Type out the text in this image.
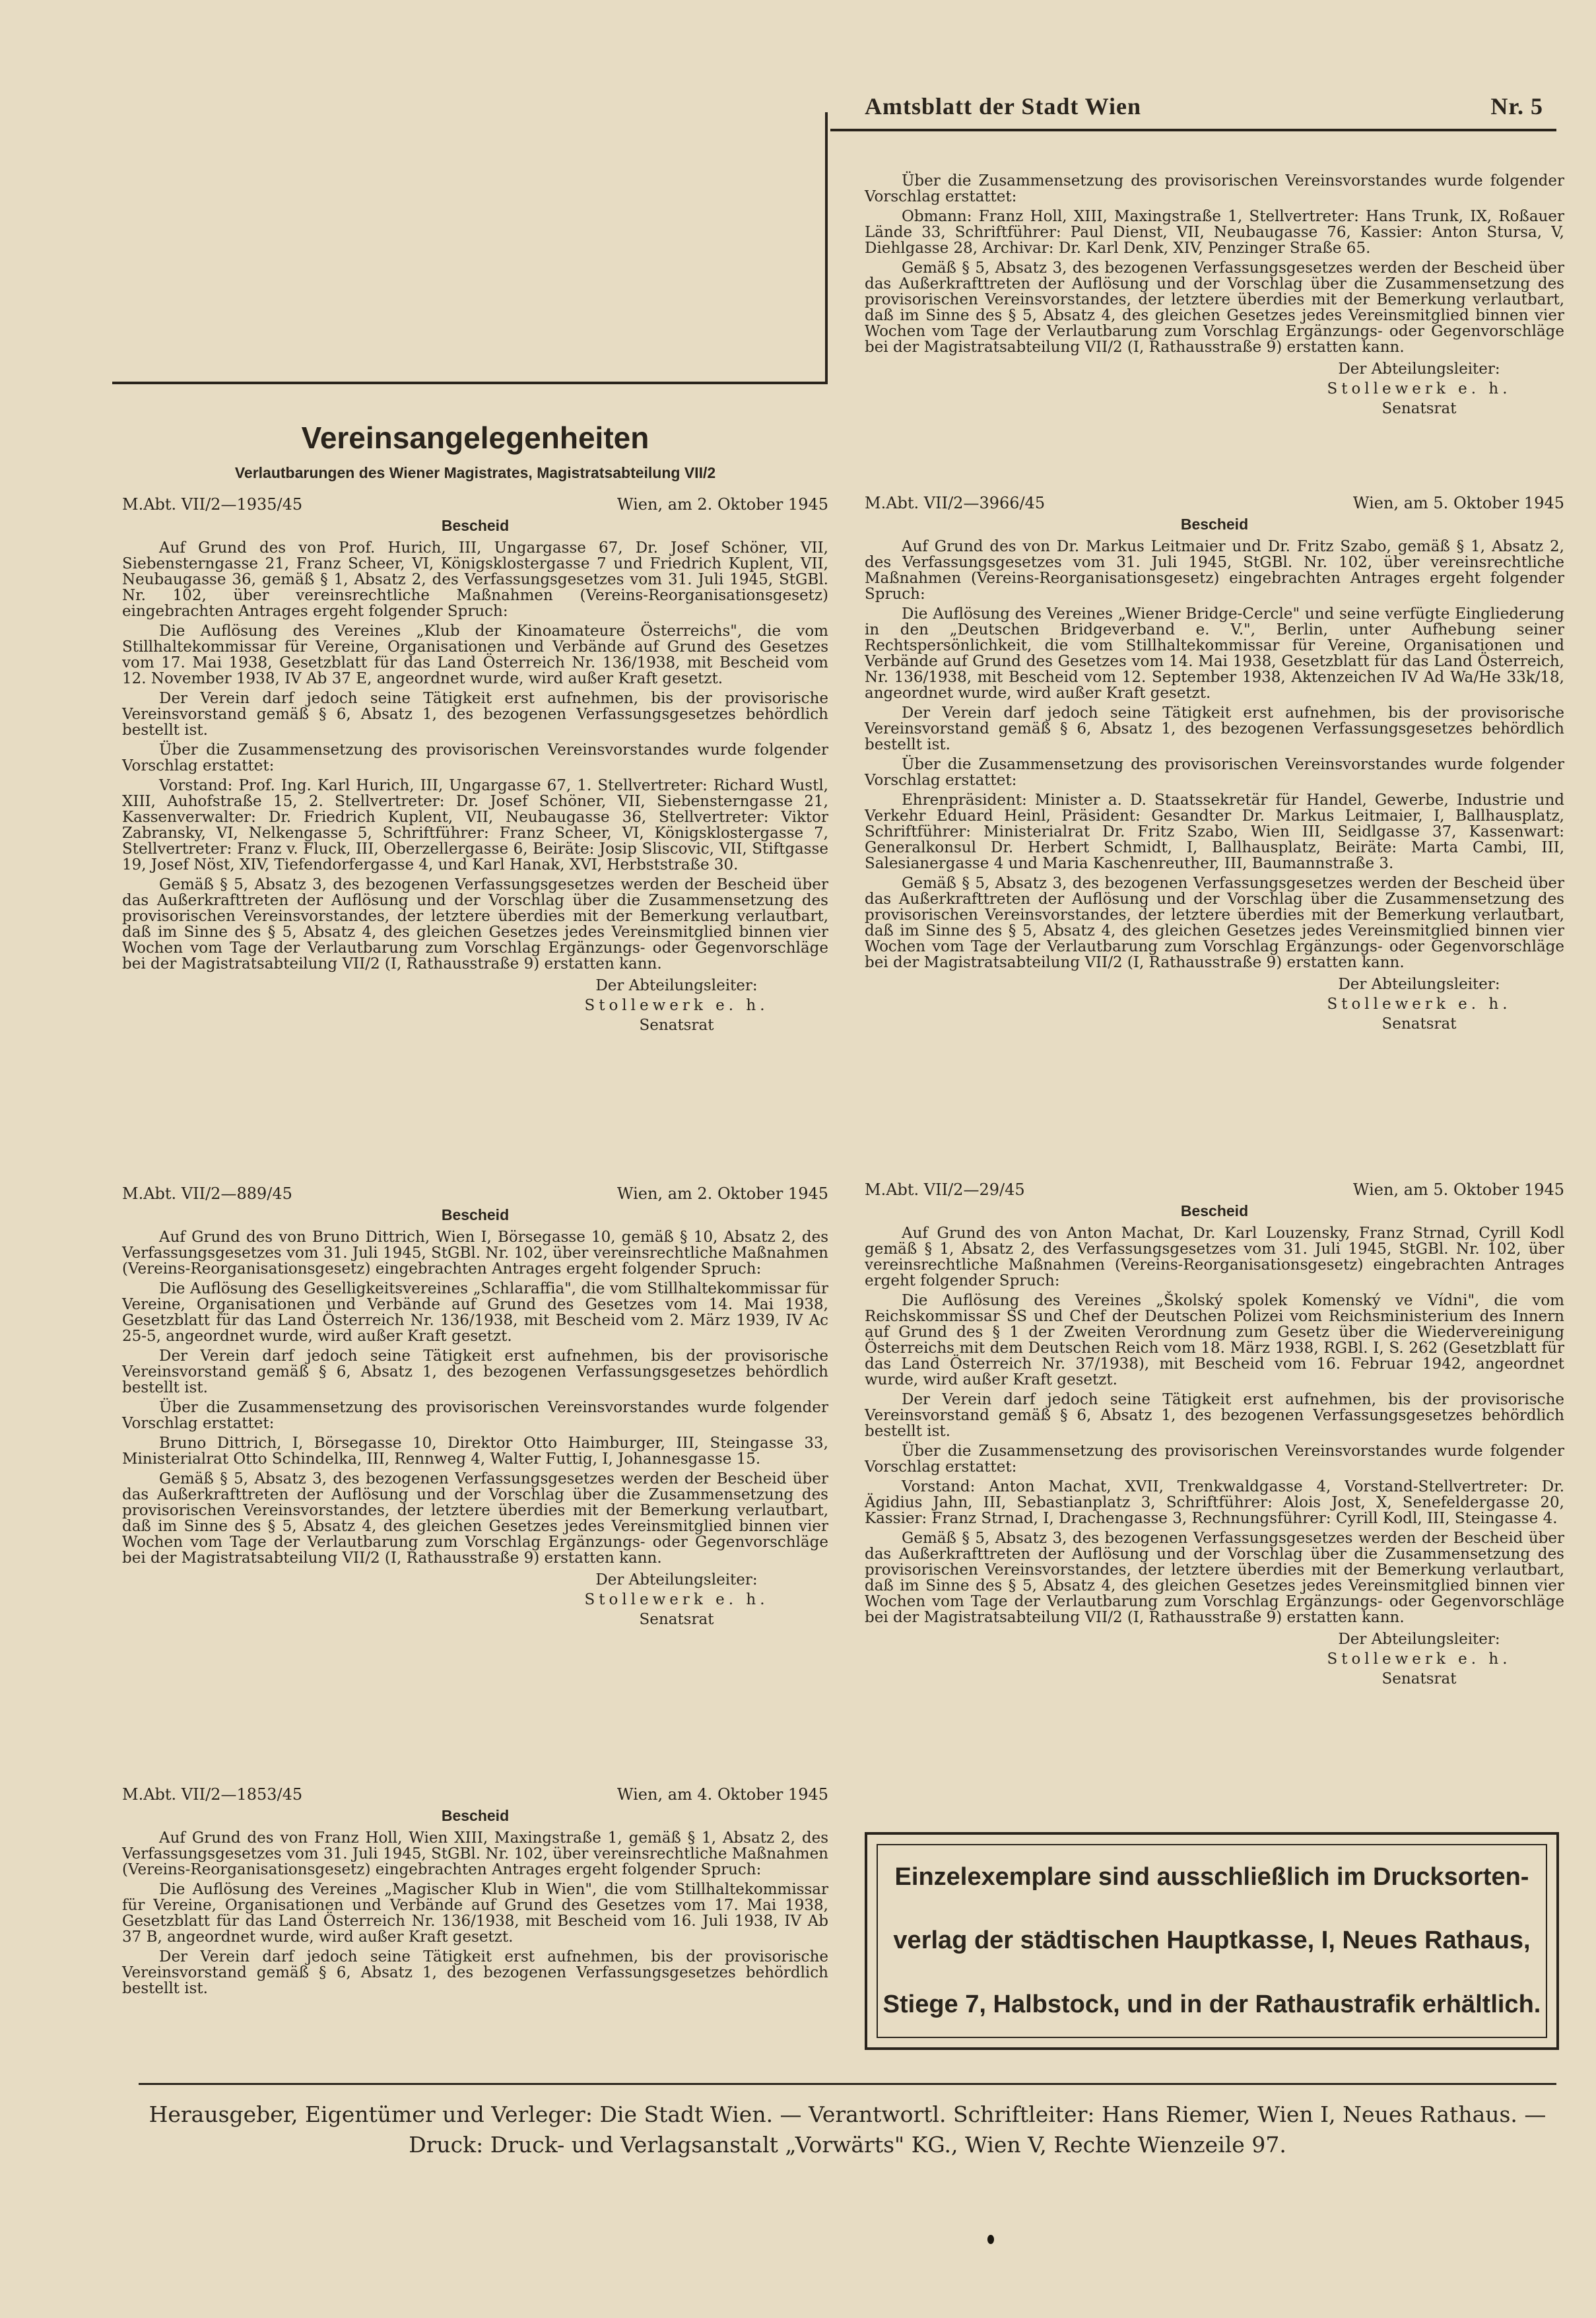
Amtsblatt der Stadt Wien	Nr. 5

Über die Zusammensetzung des provisorischen Vereinsvorstandes wurde folgender Vorschlag erstattet:

Obmann: Franz Holl, XIII, Maxingstraße 1, Stellvertreter: Hans Trunk, IX, Roßauer Lände 33, Schriftführer: Paul Dienst, VII, Neubaugasse 76, Kassier: Anton Stursa, V, Diehlgasse 28, Archivar: Dr. Karl Denk, XIV, Penzinger Straße 65.

Gemäß § 5, Absatz 3, des bezogenen Verfassungsgesetzes werden der Bescheid über das Außerkrafttreten der Auflösung und der Vorschlag über die Zusammensetzung des provisorischen Vereinsvorstandes, der letztere überdies mit der Bemerkung verlautbart, daß im Sinne des § 5, Absatz 4, des gleichen Gesetzes jedes Vereinsmitglied binnen vier Wochen vom Tage der Verlautbarung zum Vorschlag Ergänzungs- oder Gegenvorschläge bei der Magistratsabteilung VII/2 (I, Rathausstraße 9) erstatten kann.

Der Abteilungsleiter:
Stollewerk e. h.
Senatsrat
Vereinsangelegenheiten
Verlautbarungen des Wiener Magistrates, Magistratsabteilung VII/2
M.Abt. VII/2—1935/45	Wien, am 2. Oktober 1945
Bescheid

Auf Grund des von Prof. Hurich, III, Ungargasse 67, Dr. Josef Schöner, VII, Siebensterngasse 21, Franz Scheer, VI, Königsklostergasse 7 und Friedrich Kuplent, VII, Neubaugasse 36, gemäß § 1, Absatz 2, des Verfassungsgesetzes vom 31. Juli 1945, StGBl. Nr. 102, über vereinsrechtliche Maßnahmen (Vereins-Reorganisationsgesetz) eingebrachten Antrages ergeht folgender Spruch:

Die Auflösung des Vereines „Klub der Kinoamateure Österreichs", die vom Stillhaltekommissar für Vereine, Organisationen und Verbände auf Grund des Gesetzes vom 17. Mai 1938, Gesetzblatt für das Land Österreich Nr. 136/1938, mit Bescheid vom 12. November 1938, IV Ab 37 E, angeordnet wurde, wird außer Kraft gesetzt.

Der Verein darf jedoch seine Tätigkeit erst aufnehmen, bis der provisorische Vereinsvorstand gemäß § 6, Absatz 1, des bezogenen Verfassungsgesetzes behördlich bestellt ist.

Über die Zusammensetzung des provisorischen Vereinsvorstandes wurde folgender Vorschlag erstattet:

Vorstand: Prof. Ing. Karl Hurich, III, Ungargasse 67, 1. Stellvertreter: Richard Wustl, XIII, Auhofstraße 15, 2. Stellvertreter: Dr. Josef Schöner, VII, Siebensterngasse 21, Kassenverwalter: Dr. Friedrich Kuplent, VII, Neubaugasse 36, Stellvertreter: Viktor Zabransky, VI, Nelkengasse 5, Schriftführer: Franz Scheer, VI, Königsklostergasse 7, Stellvertreter: Franz v. Fluck, III, Oberzellergasse 6, Beiräte: Josip Sliscovic, VII, Stiftgasse 19, Josef Nöst, XIV, Tiefendorfergasse 4, und Karl Hanak, XVI, Herbststraße 30.

Gemäß § 5, Absatz 3, des bezogenen Verfassungsgesetzes werden der Bescheid über das Außerkrafttreten der Auflösung und der Vorschlag über die Zusammensetzung des provisorischen Vereinsvorstandes, der letztere überdies mit der Bemerkung verlautbart, daß im Sinne des § 5, Absatz 4, des gleichen Gesetzes jedes Vereinsmitglied binnen vier Wochen vom Tage der Verlautbarung zum Vorschlag Ergänzungs- oder Gegenvorschläge bei der Magistratsabteilung VII/2 (I, Rathausstraße 9) erstatten kann.

Der Abteilungsleiter:
Stollewerk e. h.
Senatsrat
M.Abt. VII/2—889/45	Wien, am 2. Oktober 1945
Bescheid

Auf Grund des von Bruno Dittrich, Wien I, Börsegasse 10, gemäß § 10, Absatz 2, des Verfassungsgesetzes vom 31. Juli 1945, StGBl. Nr. 102, über vereinsrechtliche Maßnahmen (Vereins-Reorganisationsgesetz) eingebrachten Antrages ergeht folgender Spruch:

Die Auflösung des Geselligkeitsvereines „Schlaraffia", die vom Stillhaltekommissar für Vereine, Organisationen und Verbände auf Grund des Gesetzes vom 14. Mai 1938, Gesetzblatt für das Land Österreich Nr. 136/1938, mit Bescheid vom 2. März 1939, IV Ac 25-5, angeordnet wurde, wird außer Kraft gesetzt.

Der Verein darf jedoch seine Tätigkeit erst aufnehmen, bis der provisorische Vereinsvorstand gemäß § 6, Absatz 1, des bezogenen Verfassungsgesetzes behördlich bestellt ist.

Über die Zusammensetzung des provisorischen Vereinsvorstandes wurde folgender Vorschlag erstattet:

Bruno Dittrich, I, Börsegasse 10, Direktor Otto Haimburger, III, Steingasse 33, Ministerialrat Otto Schindelka, III, Rennweg 4, Walter Futtig, I, Johannesgasse 15.

Gemäß § 5, Absatz 3, des bezogenen Verfassungsgesetzes werden der Bescheid über das Außerkrafttreten der Auflösung und der Vorschlag über die Zusammensetzung des provisorischen Vereinsvorstandes, der letztere überdies mit der Bemerkung verlautbart, daß im Sinne des § 5, Absatz 4, des gleichen Gesetzes jedes Vereinsmitglied binnen vier Wochen vom Tage der Verlautbarung zum Vorschlag Ergänzungs- oder Gegenvorschläge bei der Magistratsabteilung VII/2 (I, Rathausstraße 9) erstatten kann.

Der Abteilungsleiter:
Stollewerk e. h.
Senatsrat
M.Abt. VII/2—1853/45	Wien, am 4. Oktober 1945
Bescheid

Auf Grund des von Franz Holl, Wien XIII, Maxingstraße 1, gemäß § 1, Absatz 2, des Verfassungsgesetzes vom 31. Juli 1945, StGBl. Nr. 102, über vereinsrechtliche Maßnahmen (Vereins-Reorganisationsgesetz) eingebrachten Antrages ergeht folgender Spruch:

Die Auflösung des Vereines „Magischer Klub in Wien", die vom Stillhaltekommissar für Vereine, Organisationen und Verbände auf Grund des Gesetzes vom 17. Mai 1938, Gesetzblatt für das Land Österreich Nr. 136/1938, mit Bescheid vom 16. Juli 1938, IV Ab 37 B, angeordnet wurde, wird außer Kraft gesetzt.

Der Verein darf jedoch seine Tätigkeit erst aufnehmen, bis der provisorische Vereinsvorstand gemäß § 6, Absatz 1, des bezogenen Verfassungsgesetzes behördlich bestellt ist.

M.Abt. VII/2—3966/45	Wien, am 5. Oktober 1945
Bescheid

Auf Grund des von Dr. Markus Leitmaier und Dr. Fritz Szabo, gemäß § 1, Absatz 2, des Verfassungsgesetzes vom 31. Juli 1945, StGBl. Nr. 102, über vereinsrechtliche Maßnahmen (Vereins-Reorganisationsgesetz) eingebrachten Antrages ergeht folgender Spruch:

Die Auflösung des Vereines „Wiener Bridge-Cercle" und seine verfügte Eingliederung in den „Deutschen Bridgeverband e. V.", Berlin, unter Aufhebung seiner Rechtspersönlichkeit, die vom Stillhaltekommissar für Vereine, Organisationen und Verbände auf Grund des Gesetzes vom 14. Mai 1938, Gesetzblatt für das Land Österreich, Nr. 136/1938, mit Bescheid vom 12. September 1938, Aktenzeichen IV Ad Wa/He 33k/18, angeordnet wurde, wird außer Kraft gesetzt.

Der Verein darf jedoch seine Tätigkeit erst aufnehmen, bis der provisorische Vereinsvorstand gemäß § 6, Absatz 1, des bezogenen Verfassungsgesetzes behördlich bestellt ist.

Über die Zusammensetzung des provisorischen Vereinsvorstandes wurde folgender Vorschlag erstattet:

Ehrenpräsident: Minister a. D. Staatssekretär für Handel, Gewerbe, Industrie und Verkehr Eduard Heinl, Präsident: Gesandter Dr. Markus Leitmaier, I, Ballhausplatz, Schriftführer: Ministerialrat Dr. Fritz Szabo, Wien III, Seidlgasse 37, Kassenwart: Generalkonsul Dr. Herbert Schmidt, I, Ballhausplatz, Beiräte: Marta Cambi, III, Salesianergasse 4 und Maria Kaschenreuther, III, Baumannstraße 3.

Gemäß § 5, Absatz 3, des bezogenen Verfassungsgesetzes werden der Bescheid über das Außerkrafttreten der Auflösung und der Vorschlag über die Zusammensetzung des provisorischen Vereinsvorstandes, der letztere überdies mit der Bemerkung verlautbart, daß im Sinne des § 5, Absatz 4, des gleichen Gesetzes jedes Vereinsmitglied binnen vier Wochen vom Tage der Verlautbarung zum Vorschlag Ergänzungs- oder Gegenvorschläge bei der Magistratsabteilung VII/2 (I, Rathausstraße 9) erstatten kann.

Der Abteilungsleiter:
Stollewerk e. h.
Senatsrat
M.Abt. VII/2—29/45	Wien, am 5. Oktober 1945
Bescheid

Auf Grund des von Anton Machat, Dr. Karl Louzensky, Franz Strnad, Cyrill Kodl gemäß § 1, Absatz 2, des Verfassungsgesetzes vom 31. Juli 1945, StGBl. Nr. 102, über vereinsrechtliche Maßnahmen (Vereins-Reorganisationsgesetz) eingebrachten Antrages ergeht folgender Spruch:

Die Auflösung des Vereines „Školský spolek Komenský ve Vídni", die vom Reichskommissar SS und Chef der Deutschen Polizei vom Reichsministerium des Innern auf Grund des § 1 der Zweiten Verordnung zum Gesetz über die Wiedervereinigung Österreichs mit dem Deutschen Reich vom 18. März 1938, RGBl. I, S. 262 (Gesetzblatt für das Land Österreich Nr. 37/1938), mit Bescheid vom 16. Februar 1942, angeordnet wurde, wird außer Kraft gesetzt.

Der Verein darf jedoch seine Tätigkeit erst aufnehmen, bis der provisorische Vereinsvorstand gemäß § 6, Absatz 1, des bezogenen Verfassungsgesetzes behördlich bestellt ist.

Über die Zusammensetzung des provisorischen Vereinsvorstandes wurde folgender Vorschlag erstattet:

Vorstand: Anton Machat, XVII, Trenkwaldgasse 4, Vorstand-Stellvertreter: Dr. Ägidius Jahn, III, Sebastianplatz 3, Schriftführer: Alois Jost, X, Senefeldergasse 20, Kassier: Franz Strnad, I, Drachengasse 3, Rechnungsführer: Cyrill Kodl, III, Steingasse 4.

Gemäß § 5, Absatz 3, des bezogenen Verfassungsgesetzes werden der Bescheid über das Außerkrafttreten der Auflösung und der Vorschlag über die Zusammensetzung des provisorischen Vereinsvorstandes, der letztere überdies mit der Bemerkung verlautbart, daß im Sinne des § 5, Absatz 4, des gleichen Gesetzes jedes Vereinsmitglied binnen vier Wochen vom Tage der Verlautbarung zum Vorschlag Ergänzungs- oder Gegenvorschläge bei der Magistratsabteilung VII/2 (I, Rathausstraße 9) erstatten kann.

Der Abteilungsleiter:
Stollewerk e. h.
Senatsrat
Einzelexemplare sind ausschließlich im Drucksorten-
verlag der städtischen Hauptkasse, I, Neues Rathaus,
Stiege 7, Halbstock, und in der Rathaustrafik erhältlich.
Herausgeber, Eigentümer und Verleger: Die Stadt Wien. — Verantwortl. Schriftleiter: Hans Riemer, Wien I, Neues Rathaus. —
Druck: Druck- und Verlagsanstalt „Vorwärts" KG., Wien V, Rechte Wienzeile 97.
